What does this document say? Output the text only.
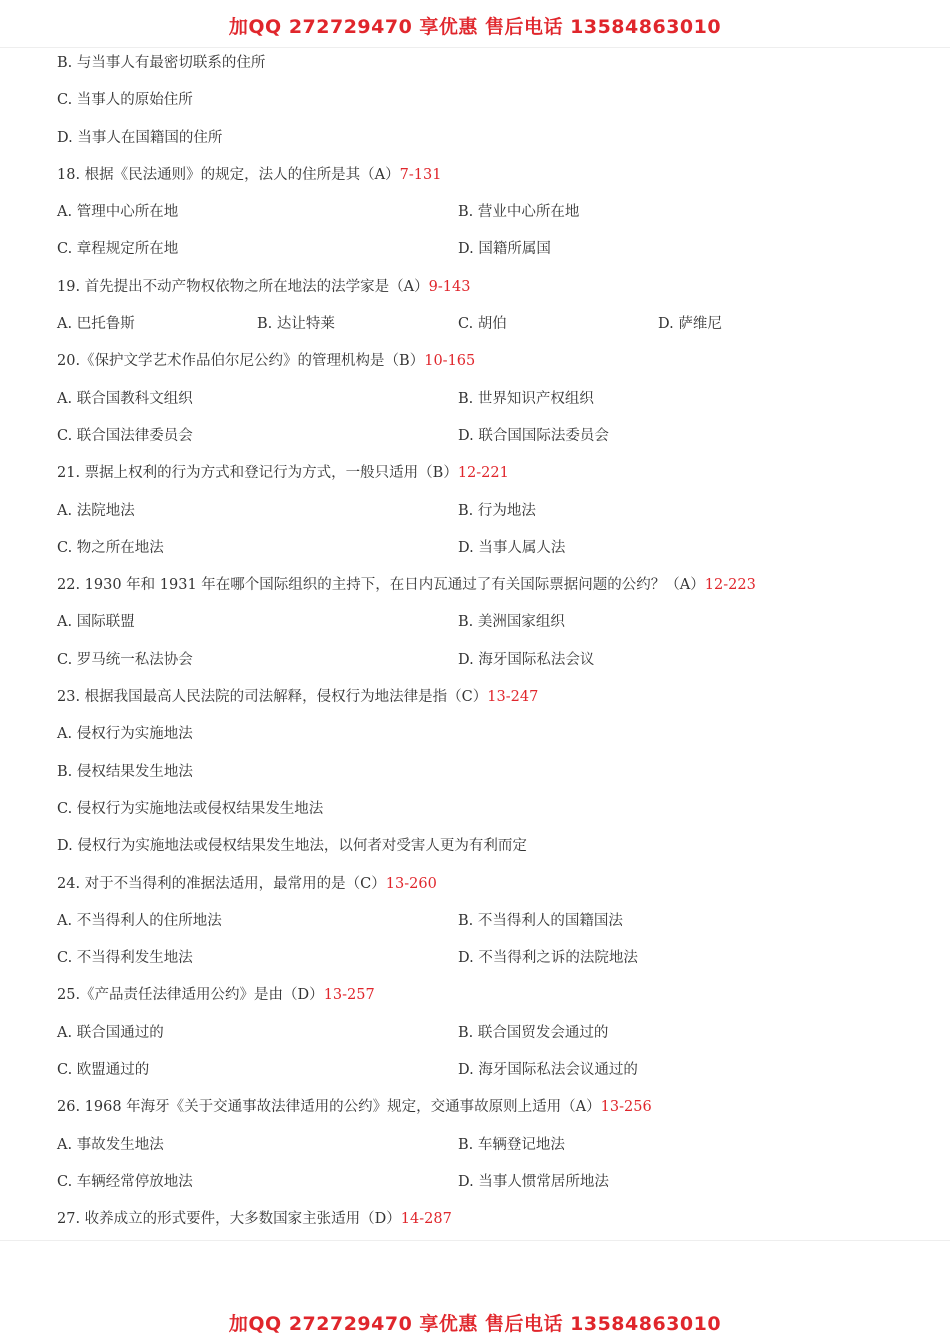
加QQ 272729470 享优惠 售后电话 13584863010
B. 与当事人有最密切联系的住所
C. 当事人的原始住所
D. 当事人在国籍国的住所
18. 根据《民法通则》的规定，法人的住所是其（A）7-131
A. 管理中心所在地	B. 营业中心所在地
C. 章程规定所在地	D. 国籍所属国
19. 首先提出不动产物权依物之所在地法的法学家是（A）9-143
A. 巴托鲁斯	B. 达让特莱	C. 胡伯	D. 萨维尼
20.《保护文学艺术作品伯尔尼公约》的管理机构是（B）10-165
A. 联合国教科文组织	B. 世界知识产权组织
C. 联合国法律委员会	D. 联合国国际法委员会
21. 票据上权利的行为方式和登记行为方式，一般只适用（B）12-221
A. 法院地法	B. 行为地法
C. 物之所在地法	D. 当事人属人法
22. 1930 年和 1931 年在哪个国际组织的主持下，在日内瓦通过了有关国际票据问题的公约？（A）12-223
A. 国际联盟	B. 美洲国家组织
C. 罗马统一私法协会	D. 海牙国际私法会议
23. 根据我国最高人民法院的司法解释，侵权行为地法律是指（C）13-247
A. 侵权行为实施地法
B. 侵权结果发生地法
C. 侵权行为实施地法或侵权结果发生地法
D. 侵权行为实施地法或侵权结果发生地法，以何者对受害人更为有利而定
24. 对于不当得利的准据法适用，最常用的是（C）13-260
A. 不当得利人的住所地法	B. 不当得利人的国籍国法
C. 不当得利发生地法	D. 不当得利之诉的法院地法
25.《产品责任法律适用公约》是由（D）13-257
A. 联合国通过的	B. 联合国贸发会通过的
C. 欧盟通过的	D. 海牙国际私法会议通过的
26. 1968 年海牙《关于交通事故法律适用的公约》规定，交通事故原则上适用（A）13-256
A. 事故发生地法	B. 车辆登记地法
C. 车辆经常停放地法	D. 当事人惯常居所地法
27. 收养成立的形式要件，大多数国家主张适用（D）14-287
加QQ 272729470 享优惠 售后电话 13584863010
